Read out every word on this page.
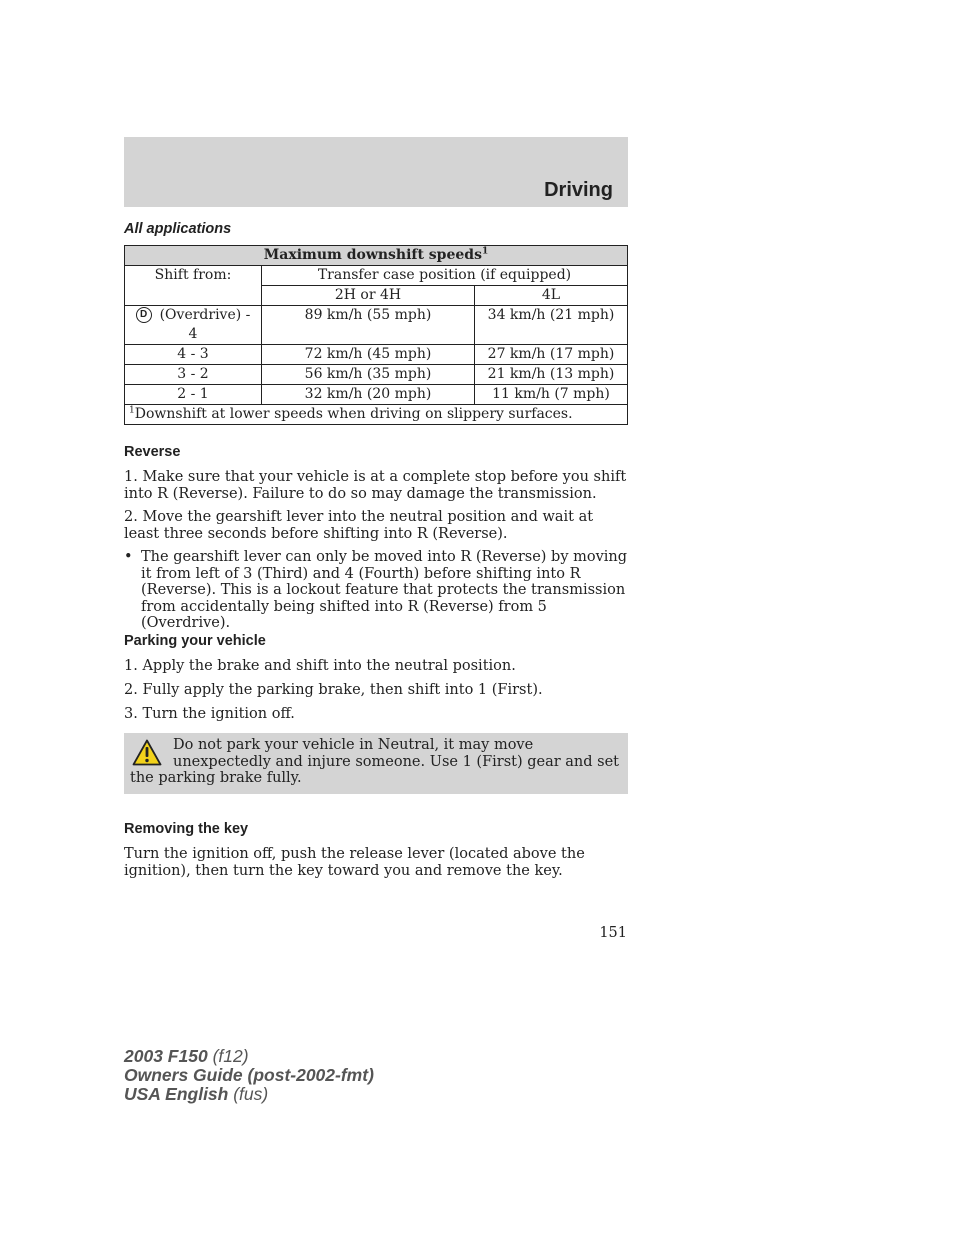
Driving
All applications
Maximum downshift speeds$^1$
Shift from:	Transfer case position (if equipped)	
	2H or 4H	4L
D (Overdrive) - 4	89 km/h (55 mph)	34 km/h (21 mph)
4 - 3	72 km/h (45 mph)	27 km/h (17 mph)
3 - 2	56 km/h (35 mph)	21 km/h (13 mph)
2 - 1	32 km/h (20 mph)	11 km/h (7 mph)
$^1$Downshift at lower speeds when driving on slippery surfaces.		
Reverse

1. Make sure that your vehicle is at a complete stop before you shift into R (Reverse). Failure to do so may damage the transmission.

2. Move the gearshift lever into the neutral position and wait at least three seconds before shifting into R (Reverse).

• The gearshift lever can only be moved into R (Reverse) by moving it from left of 3 (Third) and 4 (Fourth) before shifting into R (Reverse). This is a lockout feature that protects the transmission from accidentally being shifted into R (Reverse) from 5 (Overdrive).

Parking your vehicle

1. Apply the brake and shift into the neutral position.

2. Fully apply the parking brake, then shift into 1 (First).

3. Turn the ignition off.

Do not park your vehicle in Neutral, it may move unexpectedly and injure someone. Use 1 (First) gear and set the parking brake fully.

Removing the key

Turn the ignition off, push the release lever (located above the ignition), then turn the key toward you and remove the key.

151
2003 F150 (f12)
Owners Guide (post-2002-fmt)
USA English (fus)
